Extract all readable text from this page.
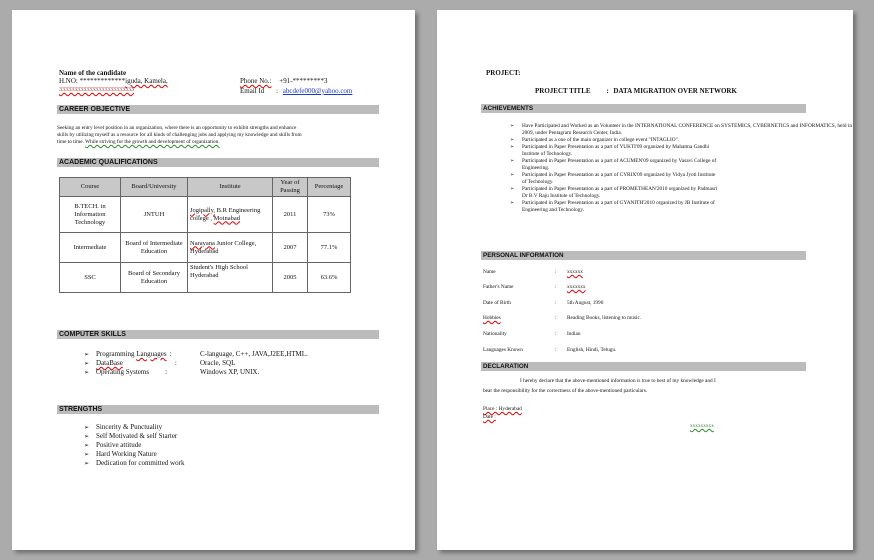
Name of the candidate
H.NO: *************iguda, Kamela,
3333333333333333333333333
Phone No.: +91-*********3
Email Id : abcdefe000@yahoo.com
CAREER OBJECTIVE
Seeking an entry level position in an organization, where there is an opportunity to exhibit strengths and enhance
skills by utilizing myself as a resource for all kinds of challenging jobs and applying my knowledge and skills from
time to time. While striving for the growth and development of organization.
ACADEMIC QUALIFICATIONS
Course	Board/University	Institute	Year of Passing	Percentage
B.TECH. in Information Technology	JNTUH	Jogipally, B.R Engineering college , Moinabad	2011	73%
Intermediate	Board of Intermediate Education	Narayana Junior College, Hyderabad	2007	77.1%
SSC	Board of Secondary Education	Student's High School Hyderabad	2005	63.6%
COMPUTER SKILLS
➢ Programming Languages :	C-language, C++, JAVA,J2EE,HTML.
➢ DataBase	:	Oracle, SQL
➢ Operating Systems :	Windows XP, UNIX.
STRENGTHS
➢ Sincerity & Punctuality
➢ Self Motivated & self Starter
➢ Positive attitude
➢ Hard Working Nature
➢ Dedication for committed work
PROJECT:
PROJECT TITLE : DATA MIGRATION OVER NETWORK
ACHIEVEMENTS
➢ Have Participated and Worked as an Volunteer in the INTERNATIONAL CONFERENCE on SYSTEMICS, CYBERNETICS and INFORMATICS, held in
2009, under Pentagram Research Center, India.
➢ Participated as a one of the main organizer in college event "INTAGLIO".
➢ Participated in Paper Presentation as a part of YUKTI'09 organized by Mahatma Gandhi
Institute of Technology.
➢ Participated in Paper Presentation as a part of ACUMEN'09 organized by Vasavi College of
Engineering.
➢ Participated in Paper Presentation as a part of CYRIX'09 organized by Vidya Jyoti Institute
of Technology.
➢ Participated in Paper Presentation as a part of PROMETHEAN'2010 organized by Padmasri
Dr B.V Raju Institute of Technology.
➢ Participated in Paper Presentation as a part of GYANITH'2010 organized by JB Institute of
Engineering and Technology.
PERSONAL INFORMATION
Name	: xxxxxx
Father's Name	: xxxxxxx
Date of Birth	: 5th August, 1990
Hobbies	: Reading Books, listening to music.
Nationality	: Indian
Languages Known	: English, Hindi, Telugu.
DECLARATION
I hereby declare that the above-mentioned information is true to best of my knowledge and I
bear the responsibility for the correctness of the above-mentioned particulars.
Place : Hyderabad
Date :
xxxxxxxxx
